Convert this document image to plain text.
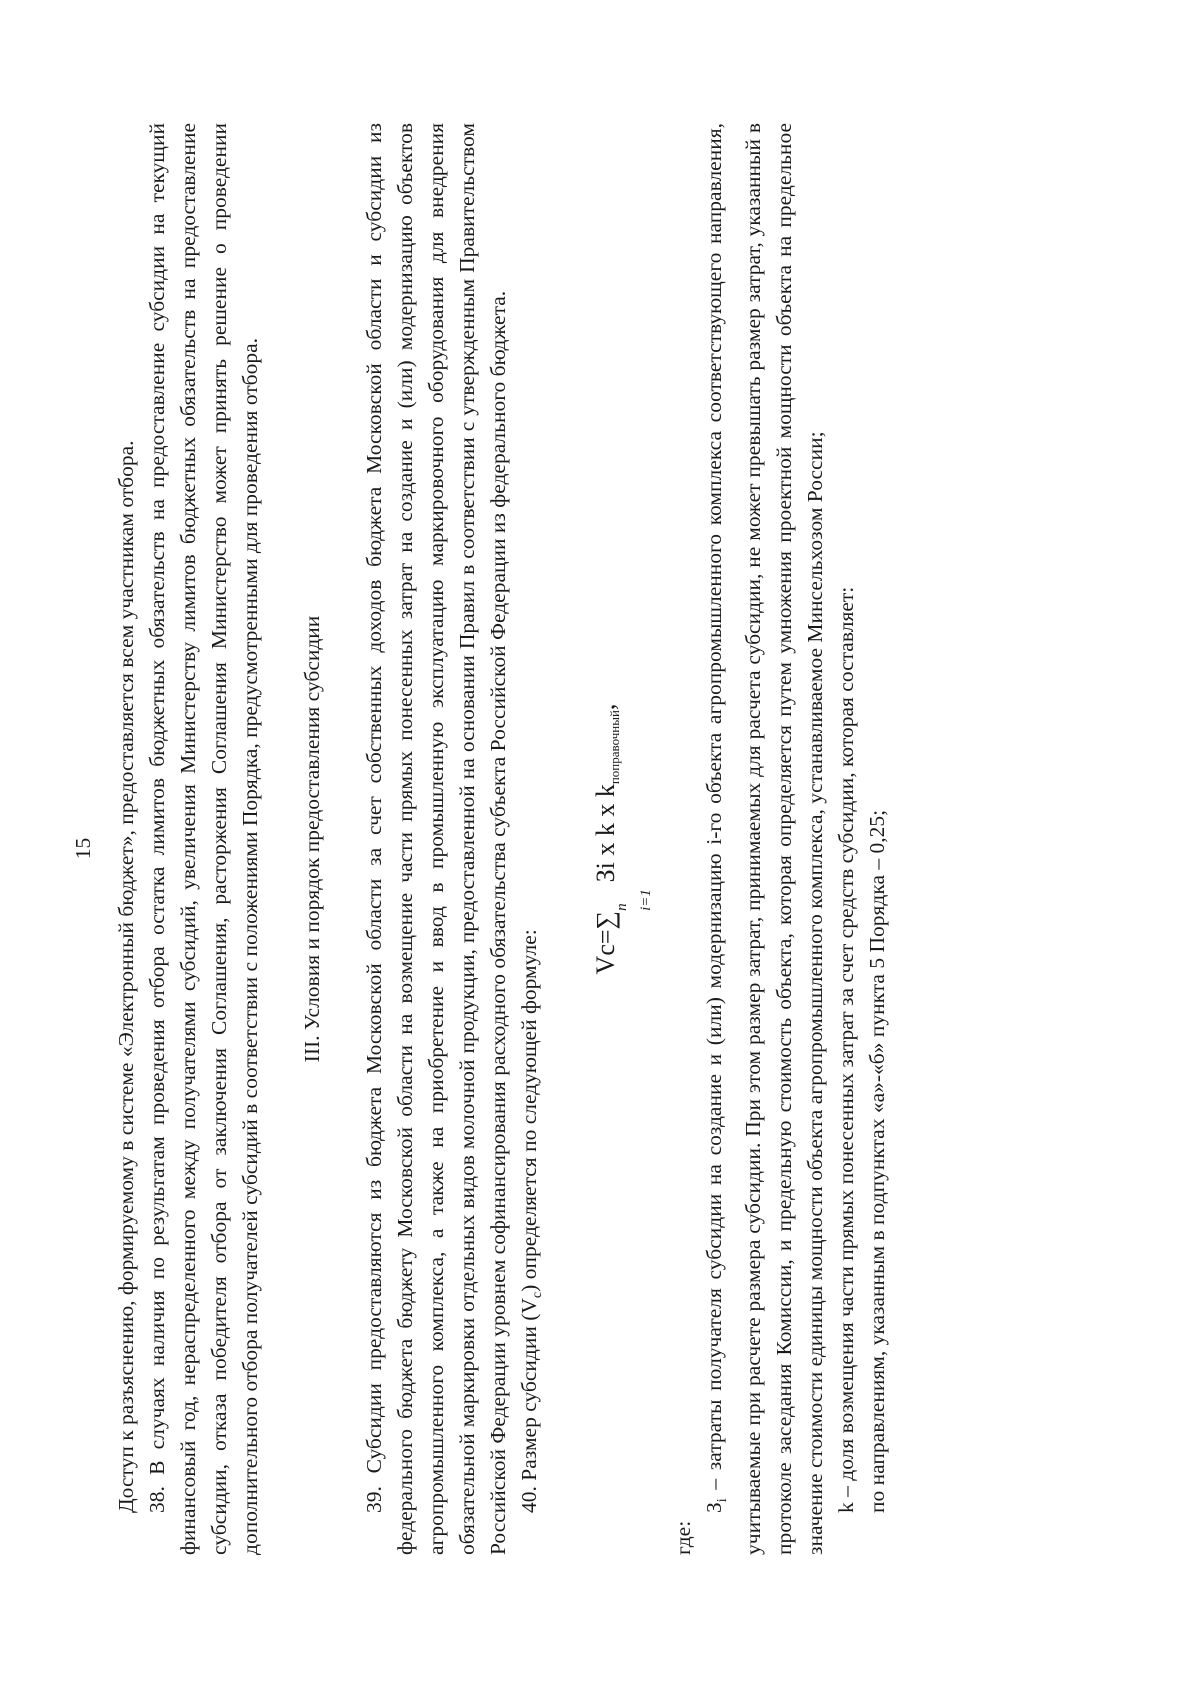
15 Доступ к разъяснению, формируемому в системе «Электронный бюджет», предоставляется всем участникам отбора. 38. В случаях наличия по результатам проведения отбора остатка лимитов бюджетных обязательств на предоставление субсидии на текущий финансовый год, нераспределенного между получателями субсидий, увеличения Министерству лимитов бюджетных обязательств на предоставление субсидии, отказа победителя отбора от заключения Соглашения, расторжения Соглашения Министерство может принять решение о проведении дополнительного отбора получателей субсидий в соответствии с положениями Порядка, предусмотренными для проведения отбора. III. Условия и порядок предоставления субсидии 39. Субсидии предоставляются из бюджета Московской области за счет собственных доходов бюджета Московской области и субсидии из федерального бюджета бюджету Московской области на возмещение части прямых понесенных затрат на создание и (или) модернизацию объектов агропромышленного комплекса, а также на приобретение и ввод в промышленную эксплуатацию маркировочного оборудования для внедрения обязательной маркировки отдельных видов молочной продукции, предоставленной на основании Правил в соответствии с утвержденным Правительством Российской Федерации уровнем софинансирования расходного обязательства субъекта Российской Федерации из федерального бюджета. 40. Размер субсидии $(V_c)$ определяется по следующей формуле:	Vc=∑
n i=1
Зi x k x $k_{поправочный}$,

где:

$З_i$ – затраты получателя субсидии на создание и (или) модернизацию i-го объекта агропромышленного комплекса соответствующего направления, учитываемые при расчете размера субсидии. При этом размер затрат, принимаемых для расчета субсидии, не может превышать размер затрат, указанный в протоколе заседания Комиссии, и предельную стоимость объекта, которая определяется путем умножения проектной мощности объекта на предельное значение стоимости единицы мощности объекта агропромышленного комплекса, устанавливаемое Минсельхозом России; k – доля возмещения части прямых понесенных затрат за счет средств субсидии, которая составляет: по направлениям, указанным в подпунктах «а»-«б» пункта 5 Порядка – 0,25;
